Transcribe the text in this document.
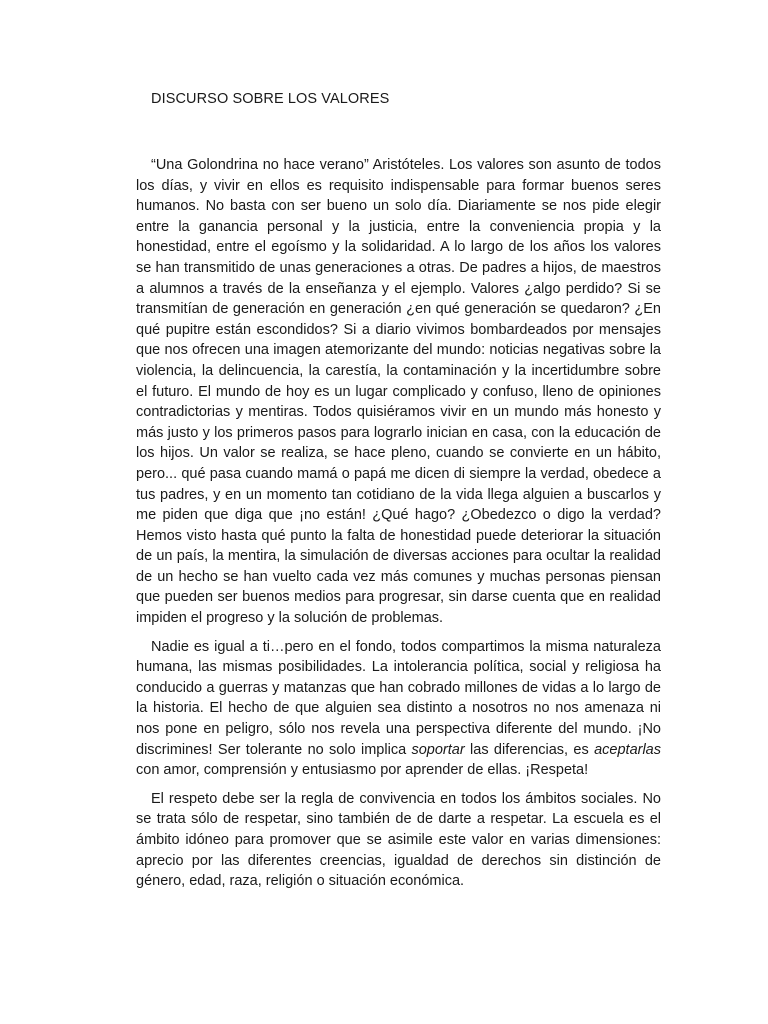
DISCURSO SOBRE LOS VALORES

“Una Golondrina no hace verano” Aristóteles. Los valores son asunto de todos los días, y vivir en ellos es requisito indispensable para formar buenos seres humanos. No basta con ser bueno un solo día. Diariamente se nos pide elegir entre la ganancia personal y la justicia, entre la conveniencia propia y la honestidad, entre el egoísmo y la solidaridad. A lo largo de los años los valores se han transmitido de unas generaciones a otras. De padres a hijos, de maestros a alumnos a través de la enseñanza y el ejemplo. Valores ¿algo perdido? Si se transmitían de generación en generación ¿en qué generación se quedaron? ¿En qué pupitre están escondidos? Si a diario vivimos bombardeados por mensajes que nos ofrecen una imagen atemorizante del mundo: noticias negativas sobre la violencia, la delincuencia, la carestía, la contaminación y la incertidumbre sobre el futuro. El mundo de hoy es un lugar complicado y confuso, lleno de opiniones contradictorias y mentiras. Todos quisiéramos vivir en un mundo más honesto y más justo y los primeros pasos para lograrlo inician en casa, con la educación de los hijos. Un valor se realiza, se hace pleno, cuando se convierte en un hábito, pero... qué pasa cuando mamá o papá me dicen di siempre la verdad, obedece a tus padres, y en un momento tan cotidiano de la vida llega alguien a buscarlos y me piden que diga que ¡no están! ¿Qué hago? ¿Obedezco o digo la verdad? Hemos visto hasta qué punto la falta de honestidad puede deteriorar la situación de un país, la mentira, la simulación de diversas acciones para ocultar la realidad de un hecho se han vuelto cada vez más comunes y muchas personas piensan que pueden ser buenos medios para progresar, sin darse cuenta que en realidad impiden el progreso y la solución de problemas.

Nadie es igual a ti…pero en el fondo, todos compartimos la misma naturaleza humana, las mismas posibilidades. La intolerancia política, social y religiosa ha conducido a guerras y matanzas que han cobrado millones de vidas a lo largo de la historia. El hecho de que alguien sea distinto a nosotros no nos amenaza ni nos pone en peligro, sólo nos revela una perspectiva diferente del mundo. ¡No discrimines! Ser tolerante no solo implica soportar las diferencias, es aceptarlas con amor, comprensión y entusiasmo por aprender de ellas. ¡Respeta!

El respeto debe ser la regla de convivencia en todos los ámbitos sociales. No se trata sólo de respetar, sino también de de darte a respetar. La escuela es el ámbito idóneo para promover que se asimile este valor en varias dimensiones: aprecio por las diferentes creencias, igualdad de derechos sin distinción de género, edad, raza, religión o situación económica.
